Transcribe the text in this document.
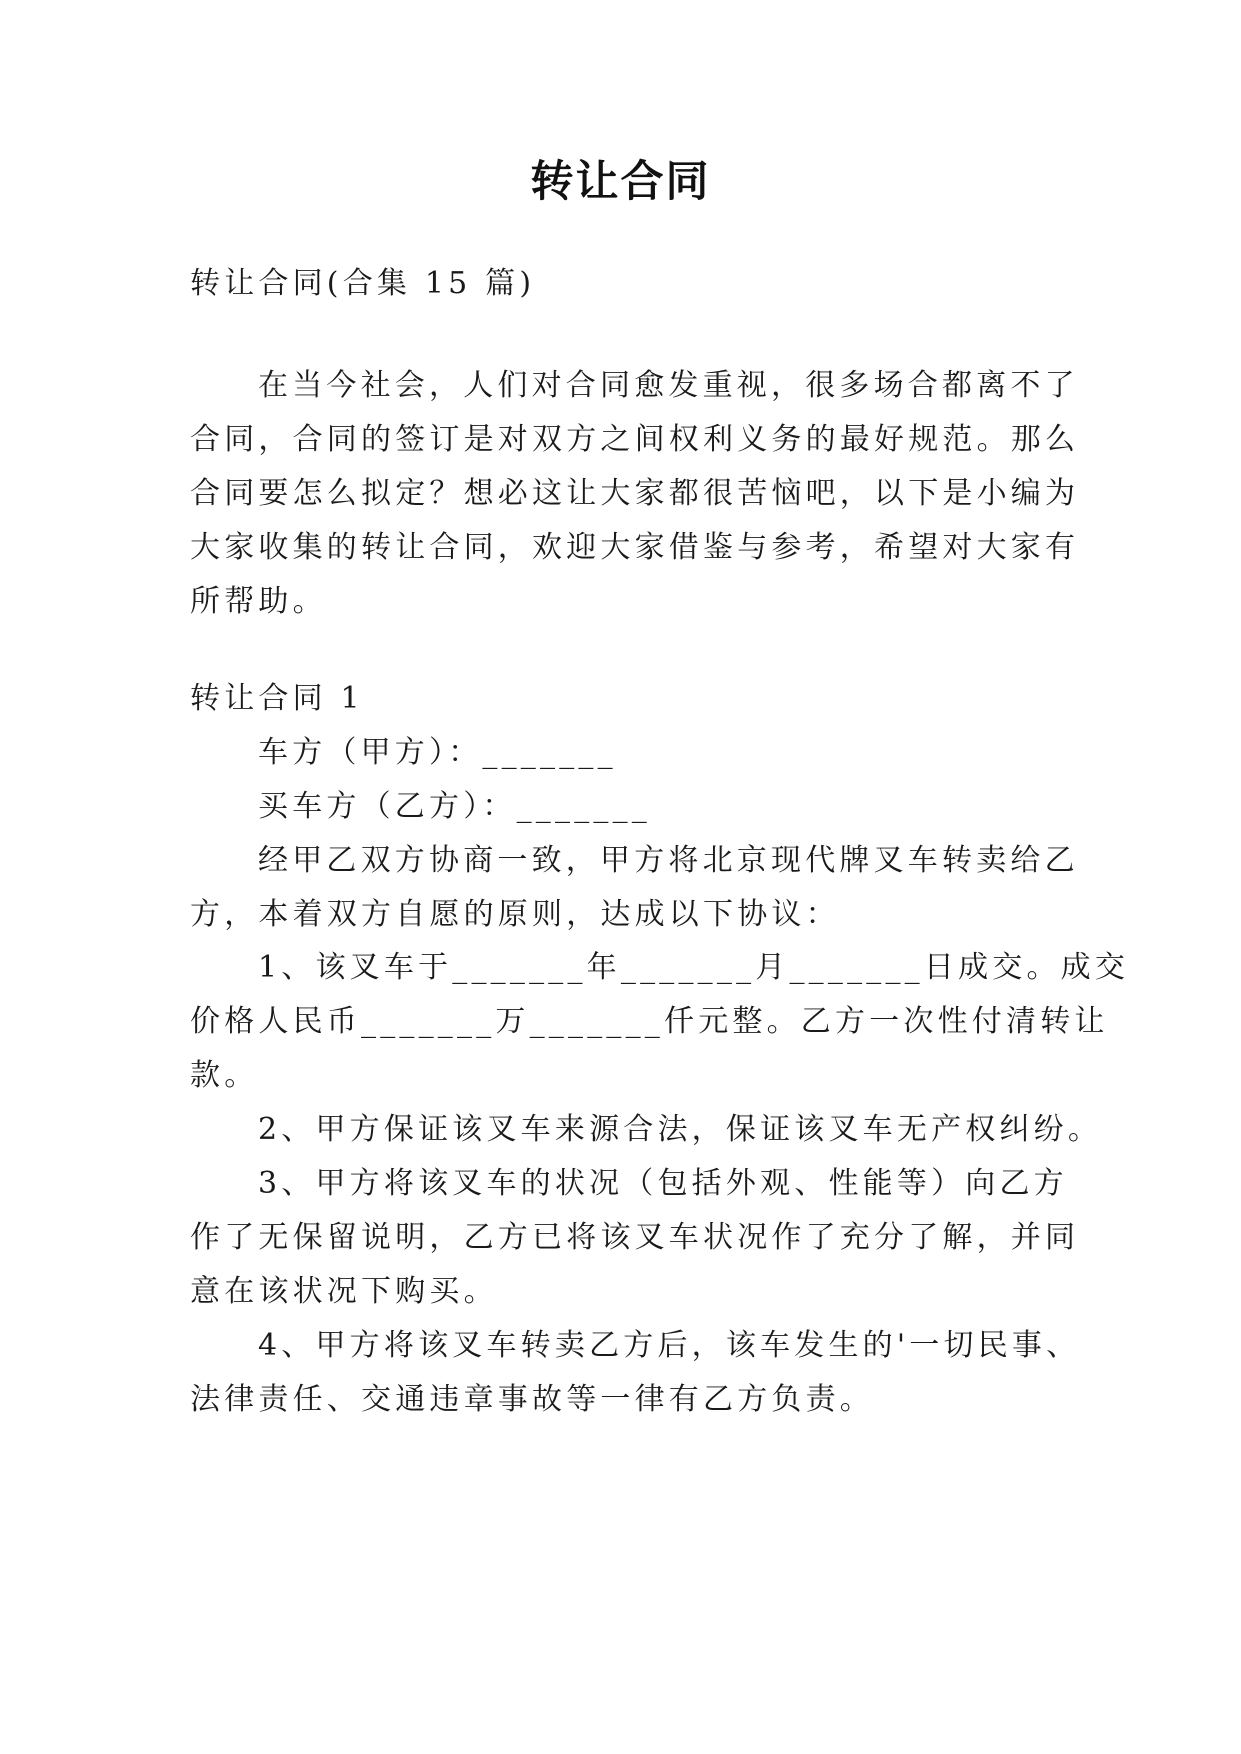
转让合同

转让合同(合集 15 篇)

在当今社会，人们对合同愈发重视，很多场合都离不了

合同，合同的签订是对双方之间权利义务的最好规范。那么

合同要怎么拟定？想必这让大家都很苦恼吧，以下是小编为

大家收集的转让合同，欢迎大家借鉴与参考，希望对大家有

所帮助。

转让合同 1

车方（甲方）：_______

买车方（乙方）：_______

经甲乙双方协商一致，甲方将北京现代牌叉车转卖给乙

方，本着双方自愿的原则，达成以下协议：

1、该叉车于_______年_______月_______日成交。成交

价格人民币_______万_______仟元整。乙方一次性付清转让

款。

2、甲方保证该叉车来源合法，保证该叉车无产权纠纷。

3、甲方将该叉车的状况（包括外观、性能等）向乙方

作了无保留说明，乙方已将该叉车状况作了充分了解，并同

意在该状况下购买。

4、甲方将该叉车转卖乙方后，该车发生的'一切民事、

法律责任、交通违章事故等一律有乙方负责。
